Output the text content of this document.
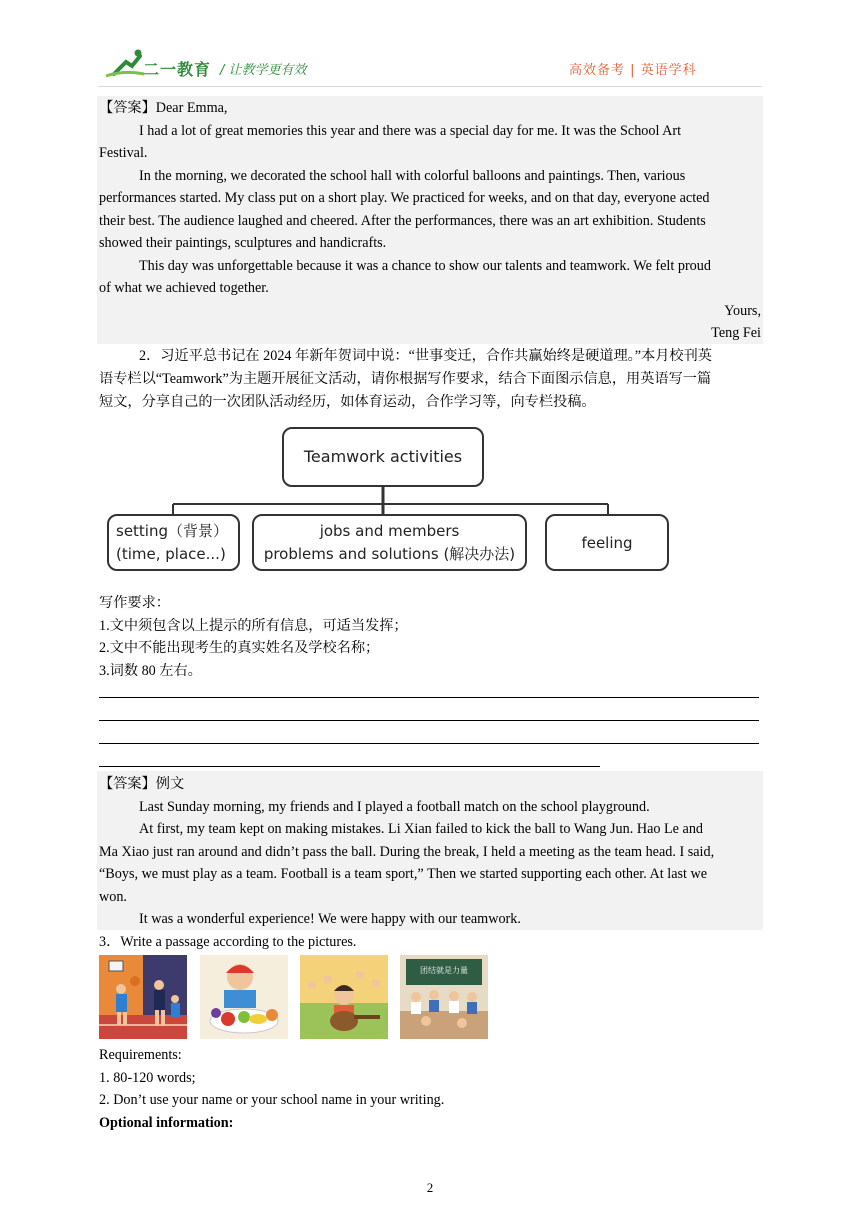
二一教育 / 让教学更有效	高效备考 | 英语学科
【答案】Dear Emma,
I had a lot of great memories this year and there was a special day for me. It was the School Art
Festival.
In the morning, we decorated the school hall with colorful balloons and paintings. Then, various
performances started. My class put on a short play. We practiced for weeks, and on that day, everyone acted
their best. The audience laughed and cheered. After the performances, there was an art exhibition. Students
showed their paintings, sculptures and handicrafts.
This day was unforgettable because it was a chance to show our talents and teamwork. We felt proud
of what we achieved together.
Yours,
Teng Fei
2．习近平总书记在 2024 年新年贺词中说：“世事变迁，合作共赢始终是硬道理。”本月校刊英
语专栏以“Teamwork”为主题开展征文活动，请你根据写作要求，结合下面图示信息，用英语写一篇
短文，分享自己的一次团队活动经历，如体育运动，合作学习等，向专栏投稿。
Teamwork activities
setting（背景）
(time, place...)
jobs and members
problems and solutions (解决办法)
feeling
写作要求：
1.文中须包含以上提示的所有信息，可适当发挥；
2.文中不能出现考生的真实姓名及学校名称；
3.词数 80 左右。
【答案】例文
Last Sunday morning, my friends and I played a football match on the school playground.
At first, my team kept on making mistakes. Li Xian failed to kick the ball to Wang Jun. Hao Le and
Ma Xiao just ran around and didn’t pass the ball. During the break, I held a meeting as the team head. I said,
“Boys, we must play as a team. Football is a team sport,” Then we started supporting each other. At last we
won.
It was a wonderful experience! We were happy with our teamwork.
3．Write a passage according to the pictures.
团结就是力量
Requirements:
1. 80-120 words;
2. Don’t use your name or your school name in your writing.
Optional information:
2
